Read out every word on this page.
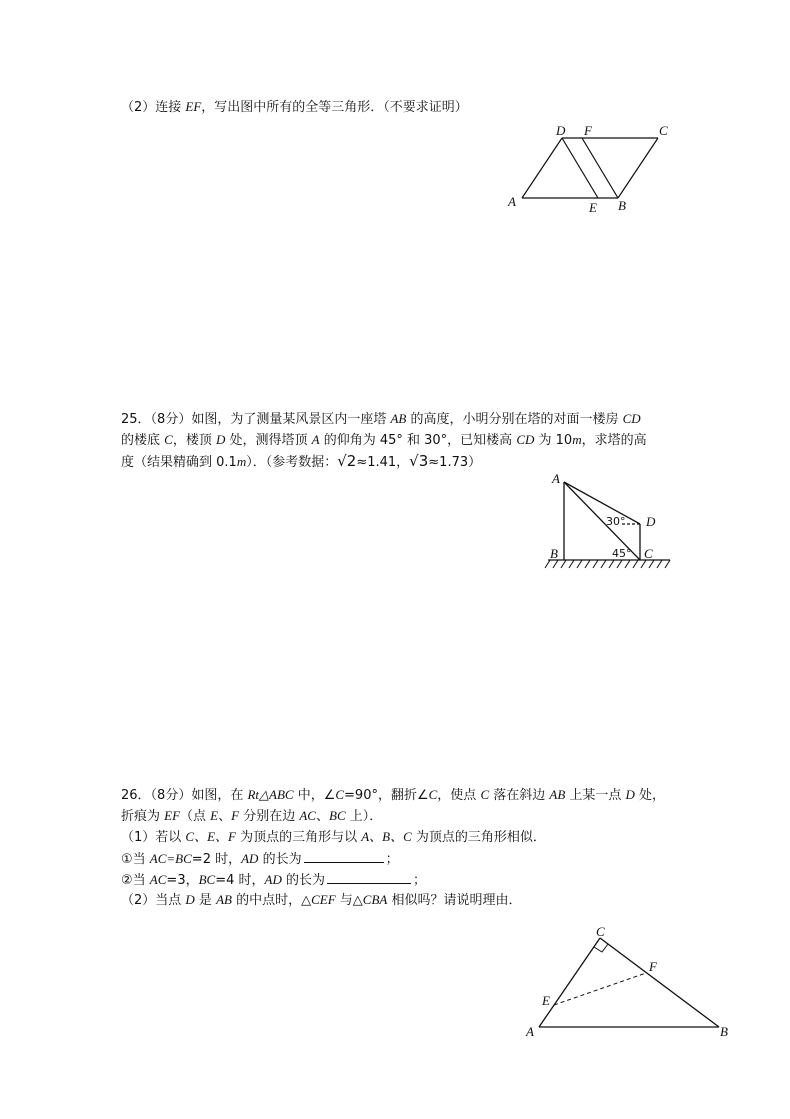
（2）连接 EF，写出图中所有的全等三角形．（不要求证明）
D F	C
A	E B
25．（8分）如图，为了测量某风景区内一座塔 AB 的高度，小明分别在塔的对面一楼房 CD
的楼底 C，楼顶 D 处，测得塔顶 A 的仰角为 45° 和 30°，已知楼高 CD 为 10m，求塔的高
度（结果精确到 0.1m）．（参考数据：√2≈1.41，√3≈1.73）
A
B	C
D
30°
45°
26．（8分）如图，在 Rt△ABC 中，∠C=90°，翻折∠C，使点 C 落在斜边 AB 上某一点 D 处，
折痕为 EF（点 E、F 分别在边 AC、BC 上）．
（1）若以 C、E、F 为顶点的三角形与以 A、B、C 为顶点的三角形相似．
①当 AC=BC=2 时，AD 的长为	；
②当 AC=3，BC=4 时，AD 的长为	；
（2）当点 D 是 AB 的中点时，△CEF 与△CBA 相似吗？请说明理由．
C
F
E
A	B
